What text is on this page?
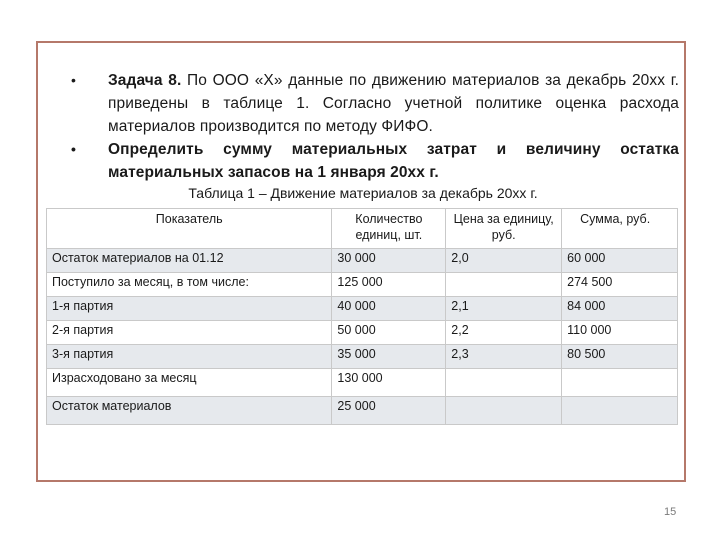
• Задача 8. По ООО «Х» данные по движению материалов за декабрь 20хх г. приведены в таблице 1. Согласно учетной политике оценка расхода материалов производится по методу ФИФО.
• Определить сумму материальных затрат и величину остатка материальных запасов на 1 января 20хх г.
Таблица 1 – Движение материалов за декабрь 20хх г.
Показатель	Количество единиц, шт.	Цена за единицу, руб.	Сумма, руб.
Остаток материалов на 01.12	30 000	2,0	60 000
Поступило за месяц, в том числе:	125 000		274 500
1-я партия	40 000	2,1	84 000
2-я партия	50 000	2,2	110 000
3-я партия	35 000	2,3	80 500
Израсходовано за месяц	130 000		
Остаток материалов	25 000		
15
